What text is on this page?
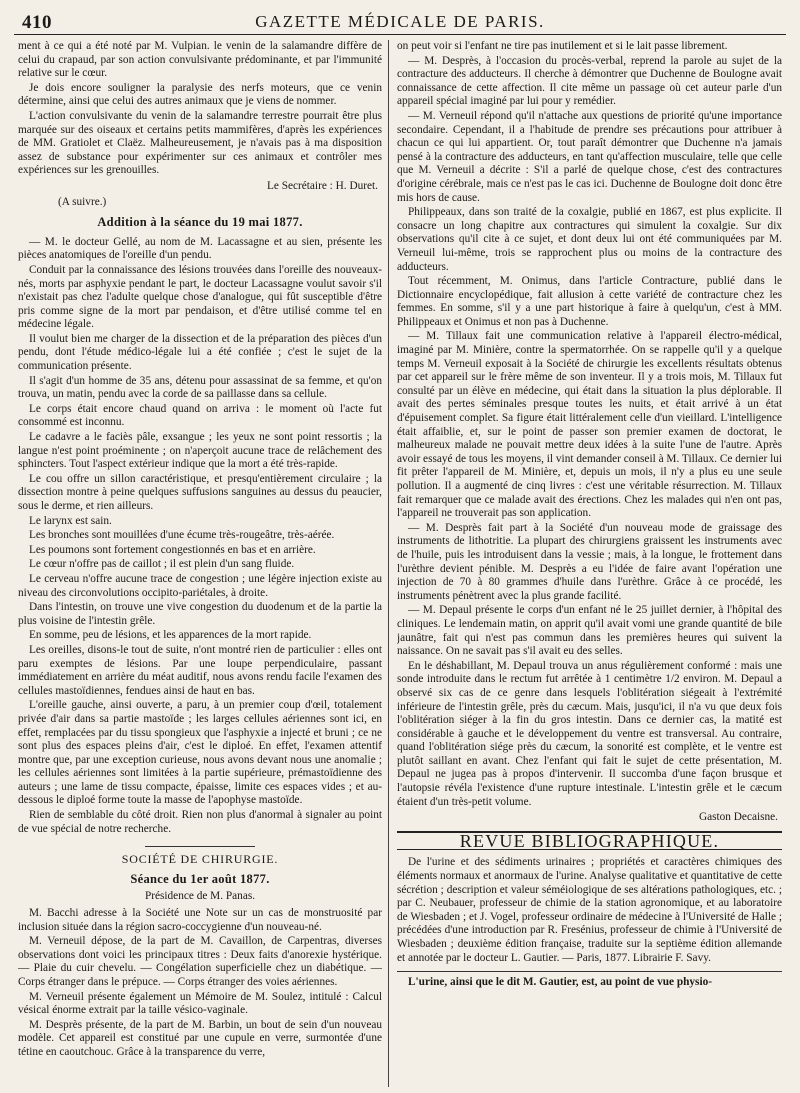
410	GAZETTE MÉDICALE DE PARIS.

ment à ce qui a été noté par M. Vulpian. le venin de la salamandre diffère de celui du crapaud, par son action convulsivante prédominante, et par l'immunité relative sur le cœur.

Je dois encore souligner la paralysie des nerfs moteurs, que ce venin détermine, ainsi que celui des autres animaux que je viens de nommer.

L'action convulsivante du venin de la salamandre terrestre pourrait être plus marquée sur des oiseaux et certains petits mammifères, d'après les expériences de MM. Gratiolet et Claëz. Malheureusement, je n'avais pas à ma disposition assez de substance pour expérimenter sur ces animaux et contrôler mes expériences sur les grenouilles.

Le Secrétaire : H. Duret.

(A suivre.)

Addition à la séance du 19 mai 1877.

— M. le docteur Gellé, au nom de M. Lacassagne et au sien, présente les pièces anatomiques de l'oreille d'un pendu.

Conduit par la connaissance des lésions trouvées dans l'oreille des nouveaux-nés, morts par asphyxie pendant le part, le docteur Lacassagne voulut savoir s'il n'existait pas chez l'adulte quelque chose d'analogue, qui fût susceptible d'être pris comme signe de la mort par pendaison, et d'être utilisé comme tel en médecine légale.

Il voulut bien me charger de la dissection et de la préparation des pièces d'un pendu, dont l'étude médico-légale lui a été confiée ; c'est le sujet de la communication présente.

Il s'agit d'un homme de 35 ans, détenu pour assassinat de sa femme, et qu'on trouva, un matin, pendu avec la corde de sa paillasse dans sa cellule.

Le corps était encore chaud quand on arriva : le moment où l'acte fut consommé est inconnu.

Le cadavre a le faciès pâle, exsangue ; les yeux ne sont point ressortis ; la langue n'est point proéminente ; on n'aperçoit aucune trace de relâchement des sphincters. Tout l'aspect extérieur indique que la mort a été très-rapide.

Le cou offre un sillon caractéristique, et presqu'entièrement circulaire ; la dissection montre à peine quelques suffusions sanguines au dessus du peaucier, sous le derme, et rien ailleurs.

Le larynx est sain.

Les bronches sont mouillées d'une écume très-rougeâtre, très-aérée.

Les poumons sont fortement congestionnés en bas et en arrière.

Le cœur n'offre pas de caillot ; il est plein d'un sang fluide.

Le cerveau n'offre aucune trace de congestion ; une légère injection existe au niveau des circonvolutions occipito-pariétales, à droite.

Dans l'intestin, on trouve une vive congestion du duodenum et de la partie la plus voisine de l'intestin grêle.

En somme, peu de lésions, et les apparences de la mort rapide.

Les oreilles, disons-le tout de suite, n'ont montré rien de particulier : elles ont paru exemptes de lésions. Par une loupe perpendiculaire, passant immédiatement en arrière du méat auditif, nous avons rendu facile l'examen des cellules mastoïdiennes, fendues ainsi de haut en bas.

L'oreille gauche, ainsi ouverte, a paru, à un premier coup d'œil, totalement privée d'air dans sa partie mastoïde ; les larges cellules aériennes sont ici, en effet, remplacées par du tissu spongieux que l'asphyxie a injecté et bruni ; ce ne sont plus des espaces pleins d'air, c'est le diploé. En effet, l'examen attentif montre que, par une exception curieuse, nous avons devant nous une anomalie ; les cellules aériennes sont limitées à la partie supérieure, prémastoïdienne des auteurs ; une lame de tissu compacte, épaisse, limite ces espaces vides ; et au-dessous le diploé forme toute la masse de l'apophyse mastoïde.

Rien de semblable du côté droit. Rien non plus d'anormal à signaler au point de vue spécial de notre recherche.

SOCIÉTÉ DE CHIRURGIE.
Séance du 1er août 1877.

Présidence de M. Panas.

M. Bacchi adresse à la Société une Note sur un cas de monstruosité par inclusion située dans la région sacro-coccygienne d'un nouveau-né.

M. Verneuil dépose, de la part de M. Cavaillon, de Carpentras, diverses observations dont voici les principaux titres : Deux faits d'anorexie hystérique. — Plaie du cuir chevelu. — Congélation superficielle chez un diabétique. — Corps étranger dans le prépuce. — Corps étranger des voies aériennes.

M. Verneuil présente également un Mémoire de M. Soulez, intitulé : Calcul vésical énorme extrait par la taille vésico-vaginale.

M. Desprès présente, de la part de M. Barbin, un bout de sein d'un nouveau modèle. Cet appareil est constitué par une cupule en verre, surmontée d'une tétine en caoutchouc. Grâce à la transparence du verre,

on peut voir si l'enfant ne tire pas inutilement et si le lait passe librement.

— M. Desprès, à l'occasion du procès-verbal, reprend la parole au sujet de la contracture des adducteurs. Il cherche à démontrer que Duchenne de Boulogne avait connaissance de cette affection. Il cite même un passage où cet auteur parle d'un appareil spécial imaginé par lui pour y remédier.

— M. Verneuil répond qu'il n'attache aux questions de priorité qu'une importance secondaire. Cependant, il a l'habitude de prendre ses précautions pour attribuer à chacun ce qui lui appartient. Or, tout paraît démontrer que Duchenne n'a jamais pensé à la contracture des adducteurs, en tant qu'affection musculaire, telle que celle que M. Verneuil a décrite : S'il a parlé de quelque chose, c'est des contractures d'origine cérébrale, mais ce n'est pas le cas ici. Duchenne de Boulogne doit donc être mis hors de cause.

Philippeaux, dans son traité de la coxalgie, publié en 1867, est plus explicite. Il consacre un long chapitre aux contractures qui simulent la coxalgie. Sur dix observations qu'il cite à ce sujet, et dont deux lui ont été communiquées par M. Verneuil lui-même, trois se rapprochent plus ou moins de la contracture des adducteurs.

Tout récemment, M. Onimus, dans l'article Contracture, publié dans le Dictionnaire encyclopédique, fait allusion à cette variété de contracture chez les femmes. En somme, s'il y a une part historique à faire à quelqu'un, c'est à MM. Philippeaux et Onimus et non pas à Duchenne.

— M. Tillaux fait une communication relative à l'appareil électro-médical, imaginé par M. Minière, contre la spermatorrhée. On se rappelle qu'il y a quelque temps M. Verneuil exposait à la Société de chirurgie les excellents résultats obtenus par cet appareil sur le frère même de son inventeur. Il y a trois mois, M. Tillaux fut consulté par un élève en médecine, qui était dans la situation la plus déplorable. Il avait des pertes séminales presque toutes les nuits, et était arrivé à un état d'épuisement complet. Sa figure était littéralement celle d'un vieillard. L'intelligence était affaiblie, et, sur le point de passer son premier examen de doctorat, le malheureux malade ne pouvait mettre deux idées à la suite l'une de l'autre. Après avoir essayé de tous les moyens, il vint demander conseil à M. Tillaux. Ce dernier lui fit prêter l'appareil de M. Minière, et, depuis un mois, il n'y a plus eu une seule pollution. Il a augmenté de cinq livres : c'est une véritable résurrection. M. Tillaux fait remarquer que ce malade avait des érections. Chez les malades qui n'en ont pas, l'appareil ne trouverait pas son application.

— M. Desprès fait part à la Société d'un nouveau mode de graissage des instruments de lithotritie. La plupart des chirurgiens graissent les instruments avec de l'huile, puis les introduisent dans la vessie ; mais, à la longue, le frottement dans l'urèthre devient pénible. M. Desprès a eu l'idée de faire avant l'opération une injection de 70 à 80 grammes d'huile dans l'urèthre. Grâce à ce procédé, les instruments pénètrent avec la plus grande facilité.

— M. Depaul présente le corps d'un enfant né le 25 juillet dernier, à l'hôpital des cliniques. Le lendemain matin, on apprit qu'il avait vomi une grande quantité de bile jaunâtre, fait qui n'est pas commun dans les premières heures qui suivent la naissance. On ne savait pas s'il avait eu des selles.

En le déshabillant, M. Depaul trouva un anus régulièrement conformé : mais une sonde introduite dans le rectum fut arrêtée à 1 centimètre 1/2 environ. M. Depaul a observé six cas de ce genre dans lesquels l'oblitération siégeait à l'extrémité inférieure de l'intestin grêle, près du cæcum. Mais, jusqu'ici, il n'a vu que deux fois l'oblitération siéger à la fin du gros intestin. Dans ce dernier cas, la matité est considérable à gauche et le développement du ventre est transversal. Au contraire, quand l'oblitération siége près du cæcum, la sonorité est complète, et le ventre est plutôt saillant en avant. Chez l'enfant qui fait le sujet de cette présentation, M. Depaul ne jugea pas à propos d'intervenir. Il succomba d'une façon brusque et l'autopsie révéla l'existence d'une rupture intestinale. L'intestin grêle et le cæcum étaient d'un très-petit volume.

Gaston Decaisne.

REVUE BIBLIOGRAPHIQUE.

De l'urine et des sédiments urinaires ; propriétés et caractères chimiques des éléments normaux et anormaux de l'urine. Analyse qualitative et quantitative de cette sécrétion ; description et valeur séméiologique de ses altérations pathologiques, etc. ; par C. Neubauer, professeur de chimie de la station agronomique, et au laboratoire de Wiesbaden ; et J. Vogel, professeur ordinaire de médecine à l'Université de Halle ; précédées d'une introduction par R. Fresénius, professeur de chimie à l'Université de Wiesbaden ; deuxième édition française, traduite sur la septième édition allemande et annotée par le docteur L. Gautier. — Paris, 1877. Librairie F. Savy.

L'urine, ainsi que le dit M. Gautier, est, au point de vue physio-
